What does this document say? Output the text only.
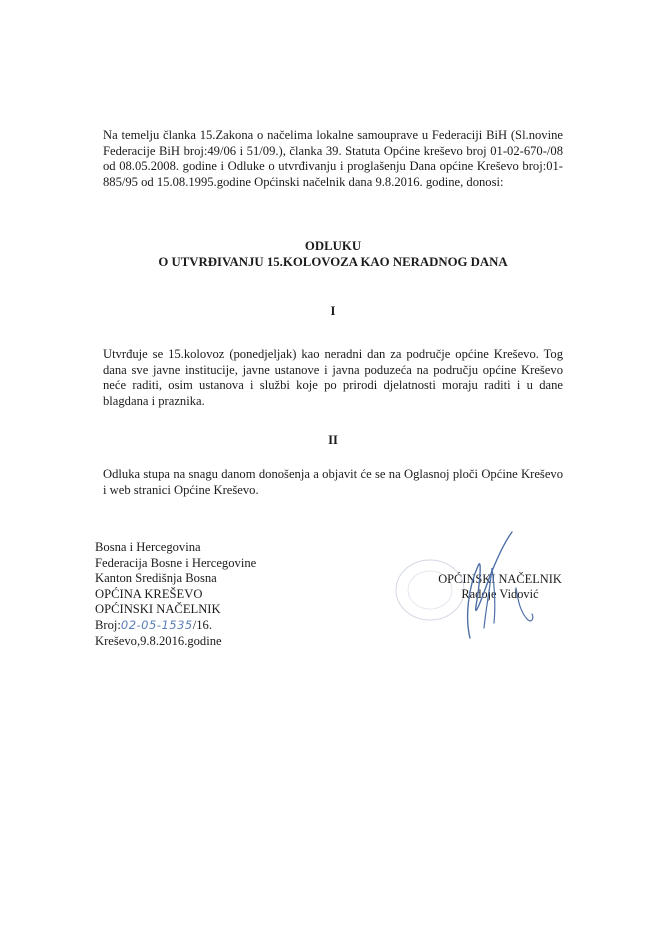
Na temelju članka 15.Zakona o načelima lokalne samouprave u Federaciji BiH (Sl.novine Federacije BiH broj:49/06 i 51/09.), članka 39. Statuta Općine kreševo broj 01-02-670-/08 od 08.05.2008. godine i Odluke o utvrđivanju i proglašenju Dana općine Kreševo broj:01-885/95 od 15.08.1995.godine Općinski načelnik dana 9.8.2016. godine, donosi:
ODLUKU
O UTVRĐIVANJU 15.KOLOVOZA KAO NERADNOG DANA
I
Utvrđuje se 15.kolovoz (ponedjeljak) kao neradni dan za područje općine Kreševo. Tog dana sve javne institucije, javne ustanove i javna poduzeća na području općine Kreševo neće raditi, osim ustanova i službi koje po prirodi djelatnosti moraju raditi i u dane blagdana i praznika.
II
Odluka stupa na snagu danom donošenja a objavit će se na Oglasnoj ploči Općine Kreševo i web stranici Općine Kreševo.
Bosna i Hercegovina
Federacija Bosne i Hercegovine
Kanton Središnja Bosna
OPĆINA KREŠEVO
OPĆINSKI NAČELNIK
Broj:02-05-1535/16.
Kreševo,9.8.2016.godine
OPĆINSKI NAČELNIK
Radoje Vidović
